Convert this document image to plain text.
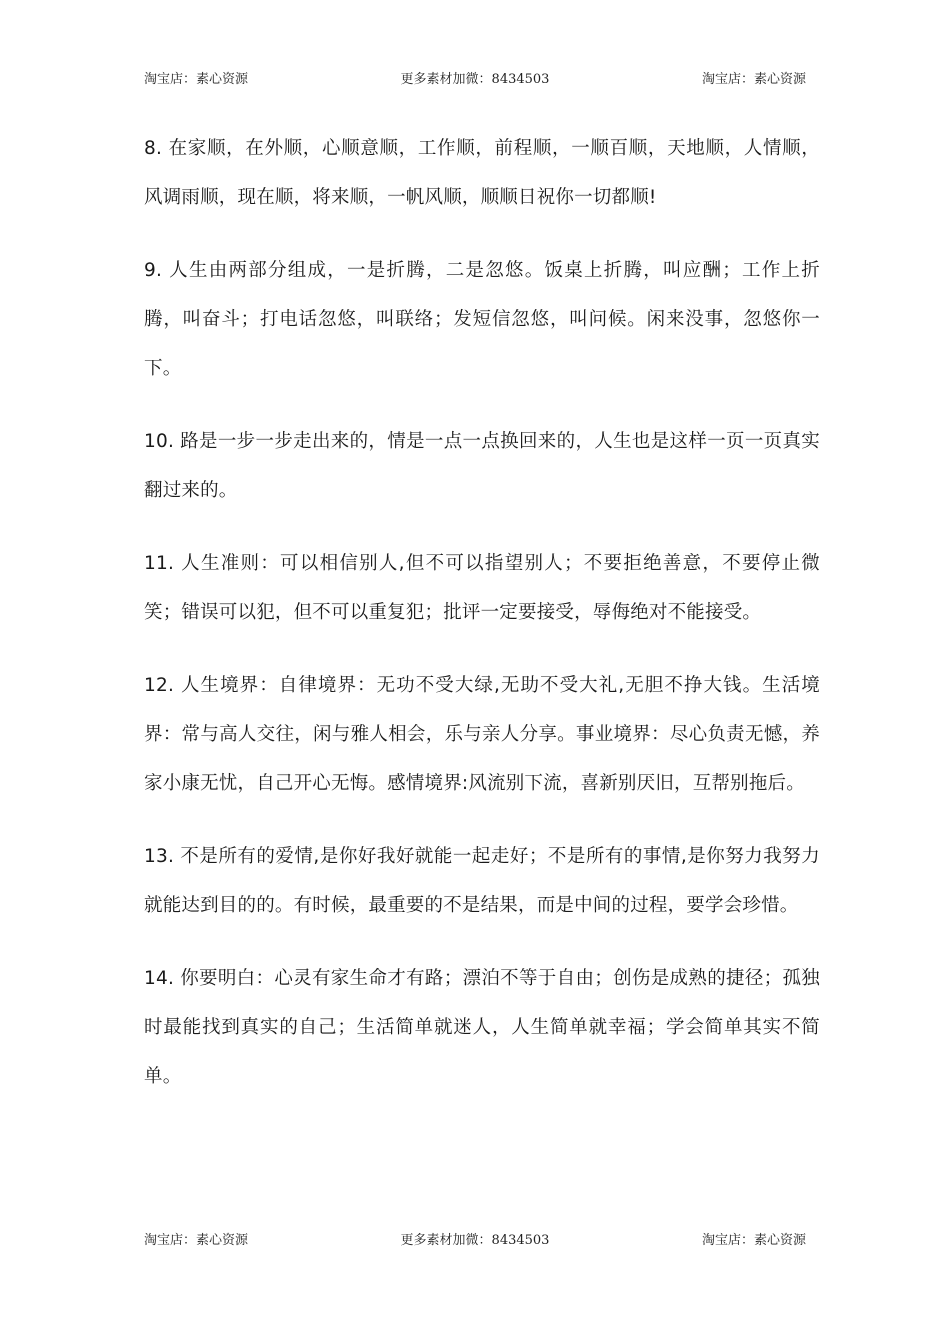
淘宝店：素心资源	更多素材加微：8434503	淘宝店：素心资源

8. 在家顺，在外顺，心顺意顺，工作顺，前程顺，一顺百顺，天地顺，人情顺，风调雨顺，现在顺，将来顺，一帆风顺，顺顺日祝你一切都顺!

9. 人生由两部分组成，一是折腾，二是忽悠。饭桌上折腾，叫应酬；工作上折腾，叫奋斗；打电话忽悠，叫联络；发短信忽悠，叫问候。闲来没事，忽悠你一下。

10. 路是一步一步走出来的，情是一点一点换回来的，人生也是这样一页一页真实翻过来的。

11. 人生准则：可以相信别人,但不可以指望别人；不要拒绝善意，不要停止微笑；错误可以犯，但不可以重复犯；批评一定要接受，辱侮绝对不能接受。

12. 人生境界：自律境界：无功不受大绿,无助不受大礼,无胆不挣大钱。生活境界：常与高人交往，闲与雅人相会，乐与亲人分享。事业境界：尽心负责无憾，养家小康无忧，自己开心无悔。感情境界:风流别下流，喜新别厌旧，互帮别拖后。

13. 不是所有的爱情,是你好我好就能一起走好；不是所有的事情,是你努力我努力就能达到目的的。有时候，最重要的不是结果，而是中间的过程，要学会珍惜。

14. 你要明白：心灵有家生命才有路；漂泊不等于自由；创伤是成熟的捷径；孤独时最能找到真实的自己；生活简单就迷人，人生简单就幸福；学会简单其实不简单。

淘宝店：素心资源	更多素材加微：8434503	淘宝店：素心资源
